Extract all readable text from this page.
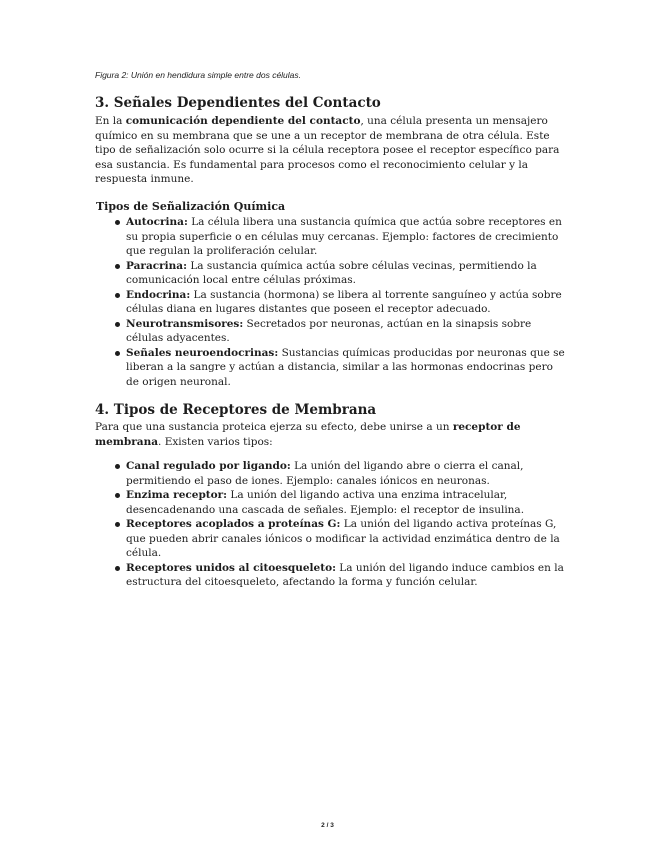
Figura 2: Unión en hendidura simple entre dos células.
3. Señales Dependientes del Contacto

En la comunicación dependiente del contacto, una célula presenta un mensajero químico en su membrana que se une a un receptor de membrana de otra célula. Este tipo de señalización solo ocurre si la célula receptora posee el receptor específico para esa sustancia. Es fundamental para procesos como el reconocimiento celular y la respuesta inmune.

Tipos de Señalización Química
Autocrina: La célula libera una sustancia química que actúa sobre receptores en su propia superficie o en células muy cercanas. Ejemplo: factores de crecimiento que regulan la proliferación celular.
Paracrina: La sustancia química actúa sobre células vecinas, permitiendo la comunicación local entre células próximas.
Endocrina: La sustancia (hormona) se libera al torrente sanguíneo y actúa sobre células diana en lugares distantes que poseen el receptor adecuado.
Neurotransmisores: Secretados por neuronas, actúan en la sinapsis sobre células adyacentes.
Señales neuroendocrinas: Sustancias químicas producidas por neuronas que se liberan a la sangre y actúan a distancia, similar a las hormonas endocrinas pero de origen neuronal.
4. Tipos de Receptores de Membrana

Para que una sustancia proteica ejerza su efecto, debe unirse a un receptor de membrana. Existen varios tipos:

Canal regulado por ligando: La unión del ligando abre o cierra el canal, permitiendo el paso de iones. Ejemplo: canales iónicos en neuronas.
Enzima receptor: La unión del ligando activa una enzima intracelular, desencadenando una cascada de señales. Ejemplo: el receptor de insulina.
Receptores acoplados a proteínas G: La unión del ligando activa proteínas G, que pueden abrir canales iónicos o modificar la actividad enzimática dentro de la célula.
Receptores unidos al citoesqueleto: La unión del ligando induce cambios en la estructura del citoesqueleto, afectando la forma y función celular.
2 / 3
